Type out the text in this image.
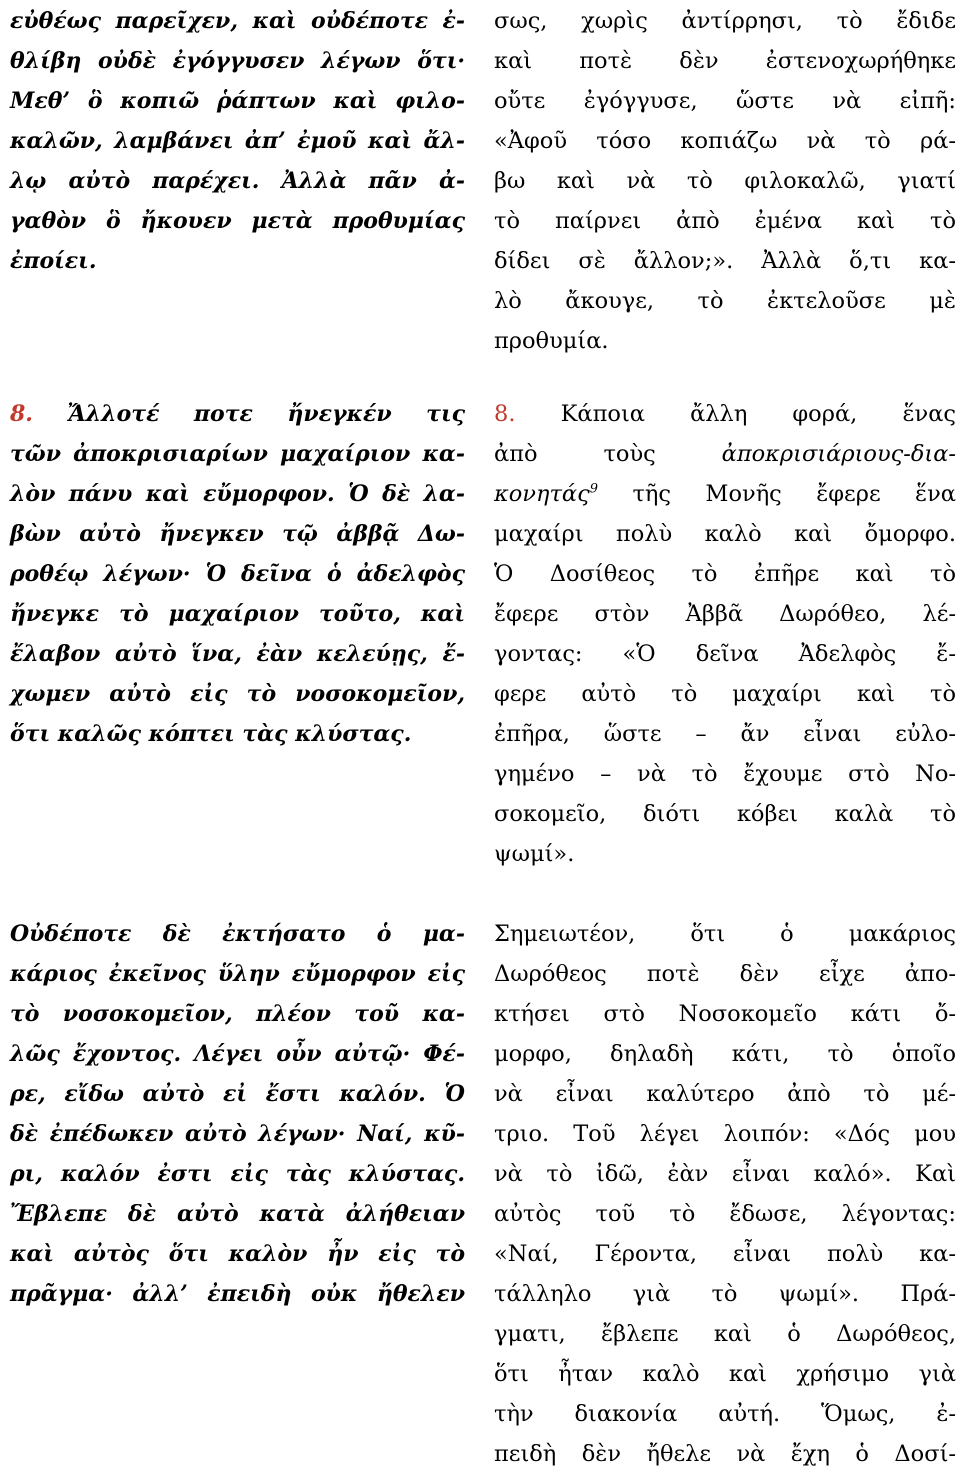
εὐθέως παρεῖχεν, καὶ οὐδέποτε ἐ-
θλίβη οὐδὲ ἐγόγγυσεν λέγων ὅτι·
Μεθ’ ὃ κοπιῶ ῥάπτων καὶ φιλο-
καλῶν, λαμβάνει ἀπ’ ἐμοῦ καὶ ἄλ-
λῳ αὐτὸ παρέχει. Ἀλλὰ πᾶν ἀ-
γαθὸν ὃ ἤκουεν μετὰ προθυμίας
ἐποίει.
8. Ἄλλοτέ ποτε ἤνεγκέν τις
τῶν ἀποκρισιαρίων μαχαίριον κα-
λὸν πάνυ καὶ εὔμορφον. Ὁ δὲ λα-
βὼν αὐτὸ ἤνεγκεν τῷ ἀββᾷ Δω-
ροθέῳ λέγων· Ὁ δεῖνα ὁ ἀδελφὸς
ἤνεγκε τὸ μαχαίριον τοῦτο, καὶ
ἔλαβον αὐτὸ ἵνα, ἐὰν κελεύῃς, ἔ-
χωμεν αὐτὸ εἰς τὸ νοσοκομεῖον,
ὅτι καλῶς κόπτει τὰς κλύστας.
Οὐδέποτε δὲ ἐκτήσατο ὁ μα-
κάριος ἐκεῖνος ὕλην εὔμορφον εἰς
τὸ νοσοκομεῖον, πλέον τοῦ κα-
λῶς ἔχοντος. Λέγει οὖν αὐτῷ· Φέ-
ρε, εἴδω αὐτὸ εἰ ἔστι καλόν. Ὁ
δὲ ἐπέδωκεν αὐτὸ λέγων· Ναί, κῦ-
ρι, καλόν ἐστι εἰς τὰς κλύστας.
Ἔβλεπε δὲ αὐτὸ κατὰ ἀλήθειαν
καὶ αὐτὸς ὅτι καλὸν ἦν εἰς τὸ
πρᾶγμα· ἀλλ’ ἐπειδὴ οὐκ ἤθελεν
σως, χωρὶς ἀντίρρησι, τὸ ἔδιδε
καὶ ποτὲ δὲν ἐστενοχωρήθηκε
οὔτε ἐγόγγυσε, ὥστε νὰ εἰπῆ:
«Ἀφοῦ τόσο κοπιάζω νὰ τὸ ρά-
βω καὶ νὰ τὸ φιλοκαλῶ, γιατί
τὸ παίρνει ἀπὸ ἐμένα καὶ τὸ
δίδει σὲ ἄλλον;». Ἀλλὰ ὅ,τι κα-
λὸ ἄκουγε, τὸ ἐκτελοῦσε μὲ
προθυμία.
8. Κάποια ἄλλη φορά, ἕνας
ἀπὸ τοὺς ἀποκρισιάριους-δια-
κονητάς$^9$ τῆς Μονῆς ἔφερε ἕνα
μαχαίρι πολὺ καλὸ καὶ ὄμορφο.
Ὁ Δοσίθεος τὸ ἐπῆρε καὶ τὸ
ἔφερε στὸν Ἀββᾶ Δωρόθεο, λέ-
γοντας: «Ὁ δεῖνα Ἀδελφὸς ἔ-
φερε αὐτὸ τὸ μαχαίρι καὶ τὸ
ἐπῆρα, ὥστε – ἄν εἶναι εὐλο-
γημένο – νὰ τὸ ἔχουμε στὸ Νο-
σοκομεῖο, διότι κόβει καλὰ τὸ
ψωμί».
Σημειωτέον, ὅτι ὁ μακάριος
Δωρόθεος ποτὲ δὲν εἶχε ἀπο-
κτήσει στὸ Νοσοκομεῖο κάτι ὄ-
μορφο, δηλαδὴ κάτι, τὸ ὁποῖο
νὰ εἶναι καλύτερο ἀπὸ τὸ μέ-
τριο. Τοῦ λέγει λοιπόν: «Δός μου
νὰ τὸ ἰδῶ, ἐὰν εἶναι καλό». Καὶ
αὐτὸς τοῦ τὸ ἔδωσε, λέγοντας:
«Ναί, Γέροντα, εἶναι πολὺ κα-
τάλληλο γιὰ τὸ ψωμί». Πρά-
γματι, ἔβλεπε καὶ ὁ Δωρόθεος,
ὅτι ἦταν καλὸ καὶ χρήσιμο γιὰ
τὴν διακονία αὐτή. Ὅμως, ἐ-
πειδὴ δὲν ἤθελε νὰ ἔχη ὁ Δοσί-
